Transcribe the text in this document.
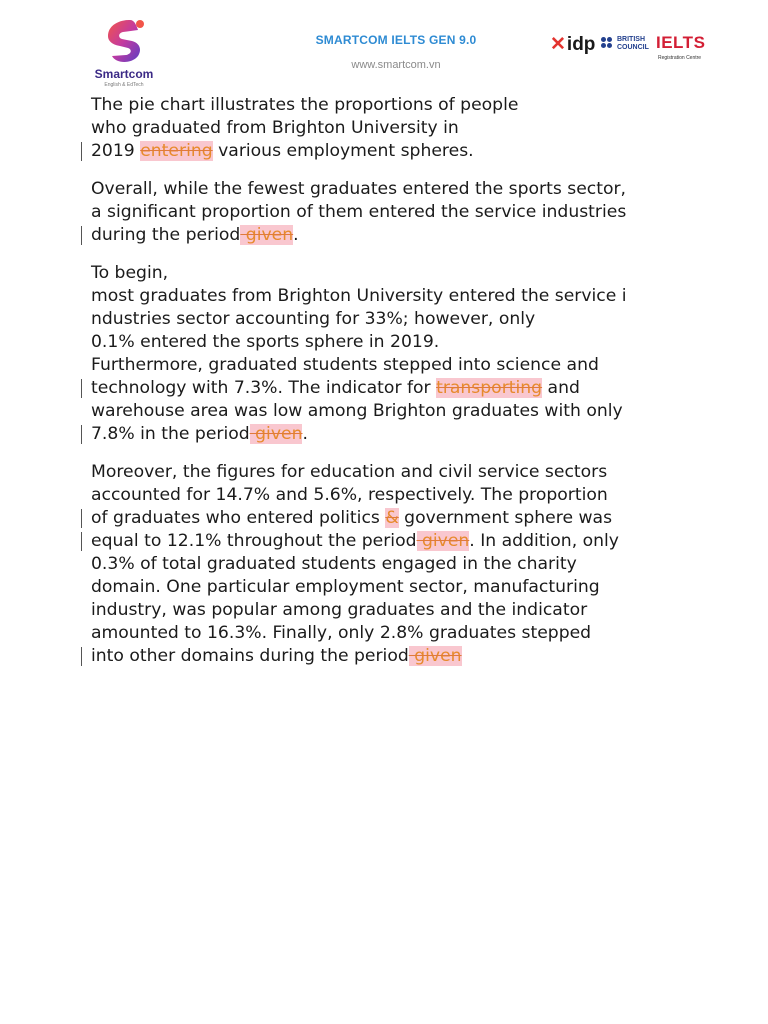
Smartcom
English & EdTech
SMARTCOM IELTS GEN 9.0
www.smartcom.vn
✕idp	BRITISH
COUNCIL IELTS
Registration Centre
The pie chart illustrates the proportions of people
who graduated from Brighton University in
2019 entering various employment spheres.
Overall, while the fewest graduates entered the sports sector,
a significant proportion of them entered the service industries
during the period given.
To begin,
most graduates from Brighton University entered the service i
ndustries sector accounting for 33%; however, only
0.1% entered the sports sphere in 2019.
Furthermore, graduated students stepped into science and
technology with 7.3%. The indicator for transporting and
warehouse area was low among Brighton graduates with only
7.8% in the period given.
Moreover, the figures for education and civil service sectors
accounted for 14.7% and 5.6%, respectively. The proportion
of graduates who entered politics & government sphere was
equal to 12.1% throughout the period given. In addition, only
0.3% of total graduated students engaged in the charity
domain. One particular employment sector, manufacturing
industry, was popular among graduates and the indicator
amounted to 16.3%. Finally, only 2.8% graduates stepped
into other domains during the period given
